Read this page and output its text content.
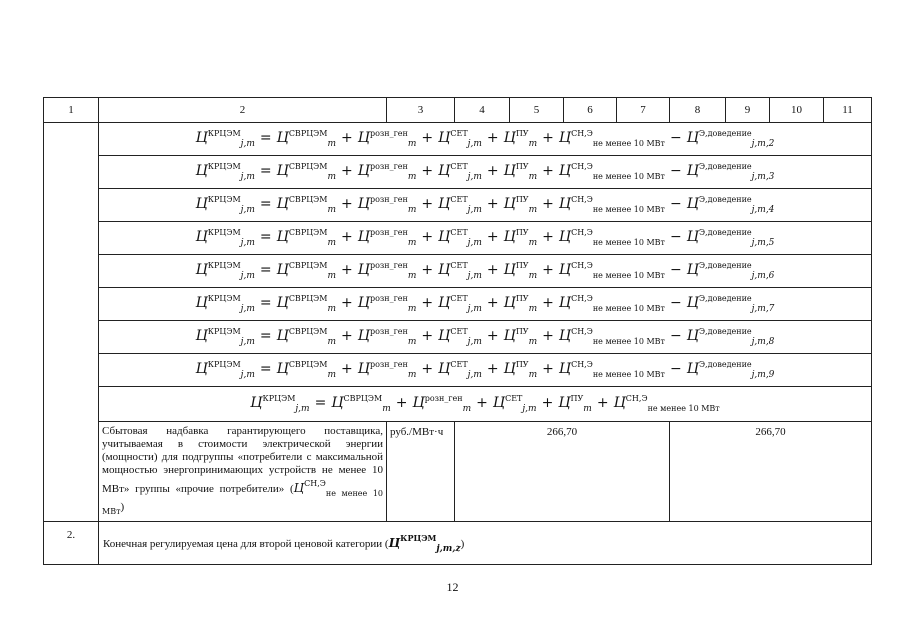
1	2	3	4	5	6	7	8	9	10	11
	$Ц^{КРЦЭМ}_{j,m} = Ц^{СВРЦЭМ}_m + Ц^{розн\_ген}_m + Ц^{СЕТ}_{j,m} + Ц^{ПУ}_m + Ц^{СН,Э}_{не менее 10 МВт} - Ц^{Э,доведение}_{j,m,2}$
	$Ц^{КРЦЭМ}_{j,m} = Ц^{СВРЦЭМ}_m + Ц^{розн\_ген}_m + Ц^{СЕТ}_{j,m} + Ц^{ПУ}_m + Ц^{СН,Э}_{не менее 10 МВт} - Ц^{Э,доведение}_{j,m,3}$
	$Ц^{КРЦЭМ}_{j,m} = Ц^{СВРЦЭМ}_m + Ц^{розн\_ген}_m + Ц^{СЕТ}_{j,m} + Ц^{ПУ}_m + Ц^{СН,Э}_{не менее 10 МВт} - Ц^{Э,доведение}_{j,m,4}$
	$Ц^{КРЦЭМ}_{j,m} = Ц^{СВРЦЭМ}_m + Ц^{розн\_ген}_m + Ц^{СЕТ}_{j,m} + Ц^{ПУ}_m + Ц^{СН,Э}_{не менее 10 МВт} - Ц^{Э,доведение}_{j,m,5}$
	$Ц^{КРЦЭМ}_{j,m} = Ц^{СВРЦЭМ}_m + Ц^{розн\_ген}_m + Ц^{СЕТ}_{j,m} + Ц^{ПУ}_m + Ц^{СН,Э}_{не менее 10 МВт} - Ц^{Э,доведение}_{j,m,6}$
	$Ц^{КРЦЭМ}_{j,m} = Ц^{СВРЦЭМ}_m + Ц^{розн\_ген}_m + Ц^{СЕТ}_{j,m} + Ц^{ПУ}_m + Ц^{СН,Э}_{не менее 10 МВт} - Ц^{Э,доведение}_{j,m,7}$
	$Ц^{КРЦЭМ}_{j,m} = Ц^{СВРЦЭМ}_m + Ц^{розн\_ген}_m + Ц^{СЕТ}_{j,m} + Ц^{ПУ}_m + Ц^{СН,Э}_{не менее 10 МВт} - Ц^{Э,доведение}_{j,m,8}$
	$Ц^{КРЦЭМ}_{j,m} = Ц^{СВРЦЭМ}_m + Ц^{розн\_ген}_m + Ц^{СЕТ}_{j,m} + Ц^{ПУ}_m + Ц^{СН,Э}_{не менее 10 МВт} - Ц^{Э,доведение}_{j,m,9}$
	$Ц^{КРЦЭМ}_{j,m} = Ц^{СВРЦЭМ}_m + Ц^{розн\_ген}_m + Ц^{СЕТ}_{j,m} + Ц^{ПУ}_m + Ц^{СН,Э}_{не менее 10 МВт}$
	Сбытовая надбавка гарантирующего поставщика, учитываемая в стоимости электрической энергии (мощности) для подгруппы «потребители с максимальной мощностью энергопринимающих устройств не менее 10 МВт» группы «прочие потребители» $(Ц^{СН,Э}_{не менее 10 МВт})$	руб./МВт·ч	266,70				266,70			
2.	Конечная регулируемая цена для второй ценовой категории $(Ц^{КРЦЭМ}_{j,m,z})$									
12
